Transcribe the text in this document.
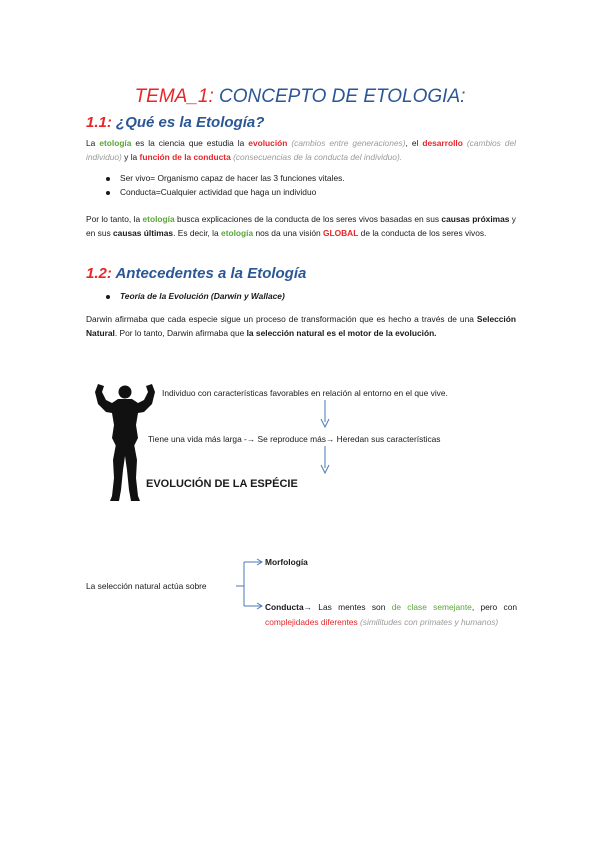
TEMA_1: CONCEPTO DE ETOLOGIA:
1.1: ¿Qué es la Etología?
La etología es la ciencia que estudia la evolución (cambios entre generaciones), el desarrollo (cambios del individuo) y la función de la conducta (consecuencias de la conducta del individuo).
Ser vivo= Organismo capaz de hacer las 3 funciones vitales.
Conducta=Cualquier actividad que haga un individuo
Por lo tanto, la etología busca explicaciones de la conducta de los seres vivos basadas en sus causas próximas y en sus causas últimas. Es decir, la etología nos da una visión GLOBAL de la conducta de los seres vivos.
1.2: Antecedentes a la Etología
Teoría de la Evolución (Darwin y Wallace)
Darwin afirmaba que cada especie sigue un proceso de transformación que es hecho a través de una Selección Natural. Por lo tanto, Darwin afirmaba que la selección natural es el motor de la evolución.
Individuo con características favorables en relación al entorno en el que vive.
Tiene una vida más larga -→ Se reproduce más→ Heredan sus características
EVOLUCIÓN DE LA ESPÉCIE
La selección natural actúa sobre
Morfología
Conducta→ Las mentes son de clase semejante, pero con complejidades diferentes (similitudes con primates y humanos)
